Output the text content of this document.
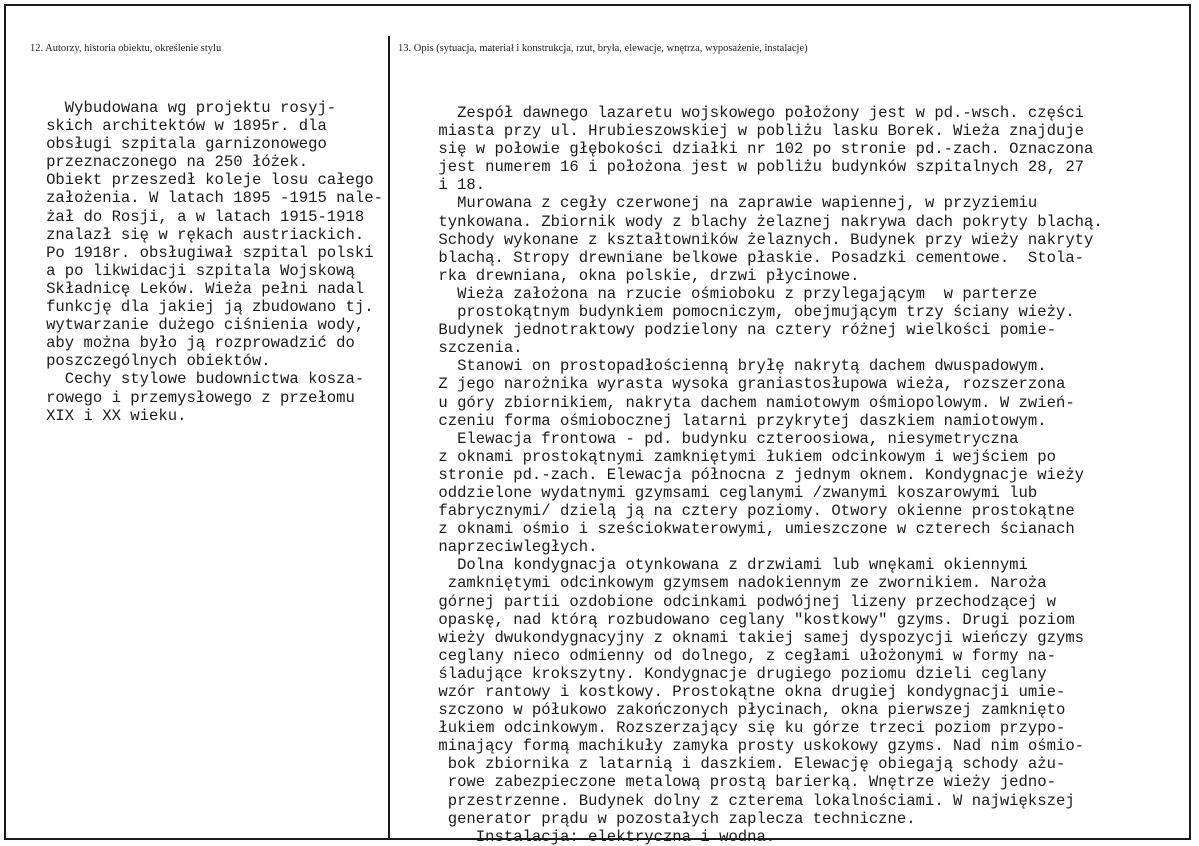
12. Autorzy, historia obiektu, określenie stylu	13. Opis (sytuacja, materiał i konstrukcja, rzut, bryła, elewacje, wnętrza, wyposażenie, instalacje)
Wybudowana wg projektu rosyj-
skich architektów w 1895r. dla
obsługi szpitala garnizonowego
przeznaczonego na 250 łóżek.
Obiekt przeszedł koleje losu całego
założenia. W latach 1895 -1915 nale-
żał do Rosji, a w latach 1915-1918
znalazł się w rękach austriackich.
Po 1918r. obsługiwał szpital polski
a po likwidacji szpitala Wojskową
Składnicę Leków. Wieża pełni nadal
funkcję dla jakiej ją zbudowano tj.
wytwarzanie dużego ciśnienia wody,
aby można było ją rozprowadzić do
poszczególnych obiektów.
Cechy stylowe budownictwa kosza-
rowego i przemysłowego z przełomu
XIX i XX wieku.
Zespół dawnego lazaretu wojskowego położony jest w pd.-wsch. części
miasta przy ul. Hrubieszowskiej w pobliżu lasku Borek. Wieża znajduje
się w połowie głębokości działki nr 102 po stronie pd.-zach. Oznaczona
jest numerem 16 i położona jest w pobliżu budynków szpitalnych 28, 27
i 18.
Murowana z cegły czerwonej na zaprawie wapiennej, w przyziemiu
tynkowana. Zbiornik wody z blachy żelaznej nakrywa dach pokryty blachą.
Schody wykonane z kształtowników żelaznych. Budynek przy wieży nakryty
blachą. Stropy drewniane belkowe płaskie. Posadzki cementowe.  Stola-
rka drewniana, okna polskie, drzwi płycinowe.
Wieża założona na rzucie ośmioboku z przylegającym  w parterze
prostokątnym budynkiem pomocniczym, obejmującym trzy ściany wieży.
Budynek jednotraktowy podzielony na cztery różnej wielkości pomie-
szczenia.
Stanowi on prostopadłościenną bryłę nakrytą dachem dwuspadowym.
Z jego narożnika wyrasta wysoka graniastosłupowa wieża, rozszerzona
u góry zbiornikiem, nakryta dachem namiotowym ośmiopolowym. W zwień-
czeniu forma ośmiobocznej latarni przykrytej daszkiem namiotowym.
Elewacja frontowa - pd. budynku czteroosiowa, niesymetryczna
z oknami prostokątnymi zamkniętymi łukiem odcinkowym i wejściem po
stronie pd.-zach. Elewacja północna z jednym oknem. Kondygnacje wieży
oddzielone wydatnymi gzymsami ceglanymi /zwanymi koszarowymi lub
fabrycznymi/ dzielą ją na cztery poziomy. Otwory okienne prostokątne
z oknami ośmio i sześciokwaterowymi, umieszczone w czterech ścianach
naprzeciwległych.
Dolna kondygnacja otynkowana z drzwiami lub wnękami okiennymi
zamkniętymi odcinkowym gzymsem nadokiennym ze zwornikiem. Naroża
górnej partii ozdobione odcinkami podwójnej lizeny przechodzącej w
opaskę, nad którą rozbudowano ceglany "kostkowy" gzyms. Drugi poziom
wieży dwukondygnacyjny z oknami takiej samej dyspozycji wieńczy gzyms
ceglany nieco odmienny od dolnego, z cegłami ułożonymi w formy na-
śladujące krokszytny. Kondygnacje drugiego poziomu dzieli ceglany
wzór rantowy i kostkowy. Prostokątne okna drugiej kondygnacji umie-
szczono w półukowo zakończonych płycinach, okna pierwszej zamknięto
łukiem odcinkowym. Rozszerzający się ku górze trzeci poziom przypo-
minający formą machikuły zamyka prosty uskokowy gzyms. Nad nim ośmio-
bok zbiornika z latarnią i daszkiem. Elewację obiegają schody ażu-
rowe zabezpieczone metalową prostą barierką. Wnętrze wieży jedno-
przestrzenne. Budynek dolny z czterema lokalnościami. W największej
generator prądu w pozostałych zaplecza techniczne.
Instalacja: elektryczna i wodna.
